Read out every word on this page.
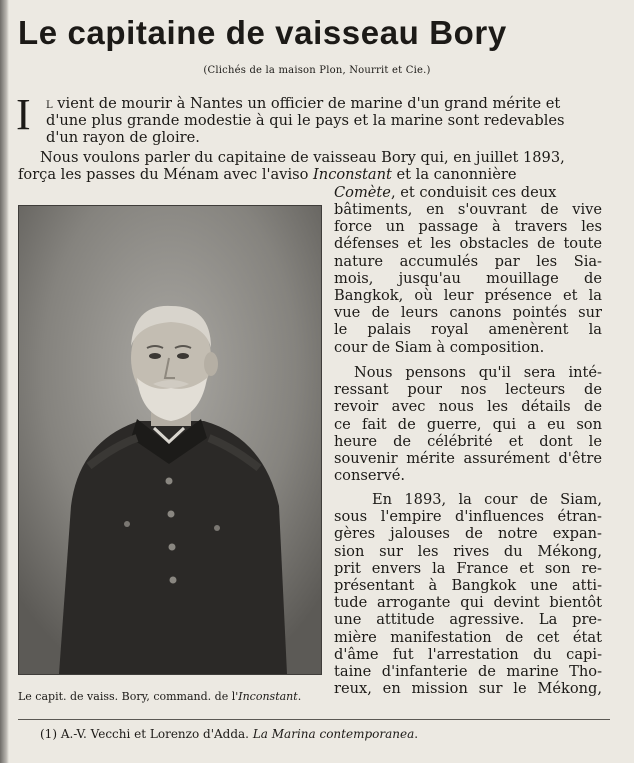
Le capitaine de vaisseau Bory
(Clichés de la maison Plon, Nourrit et Cie.)
I l vient de mourir à Nantes un officier de marine d'un grand mérite et
d'une plus grande modestie à qui le pays et la marine sont redevables
d'un rayon de gloire.
Nous voulons parler du capitaine de vaisseau Bory qui, en juillet 1893,
força les passes du Ménam avec l'aviso Inconstant et la canonnière
Comète, et conduisit ces deux
bâtiments, en s'ouvrant de vive
force un passage à travers les
défenses et les obstacles de toute
nature accumulés par les Sia-
mois, jusqu'au mouillage de
Bangkok, où leur présence et la
vue de leurs canons pointés sur
le palais royal amenèrent la
cour de Siam à composition.
Nous pensons qu'il sera inté-
ressant pour nos lecteurs de
revoir avec nous les détails de
ce fait de guerre, qui a eu son
heure de célébrité et dont le
souvenir mérite assurément d'être
conservé.
En 1893, la cour de Siam,
sous l'empire d'influences étran-
gères jalouses de notre expan-
sion sur les rives du Mékong,
prit envers la France et son re-
présentant à Bangkok une atti-
tude arrogante qui devint bientôt
une attitude agressive. La pre-
mière manifestation de cet état
d'âme fut l'arrestation du capi-
taine d'infanterie de marine Tho-
reux, en mission sur le Mékong,
Le capit. de vaiss. Bory, command. de l'Inconstant.
(1) A.-V. Vecchi et Lorenzo d'Adda. La Marina contemporanea.
